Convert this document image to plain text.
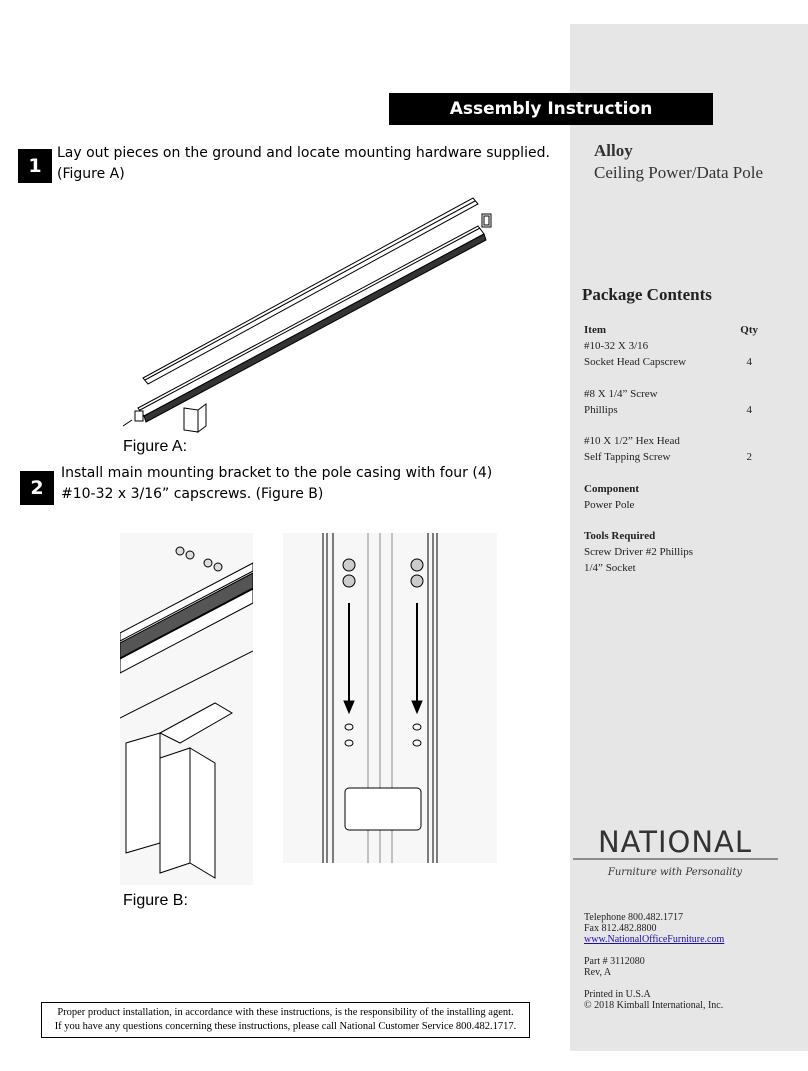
Assembly Instruction
1
Lay out pieces on the ground and locate mounting hardware supplied.
(Figure A)
Figure A:
2
Install main mounting bracket to the pole casing with four (4)
#10-32 x 3/16” capscrews. (Figure B)
Figure B:
Alloy
Ceiling Power/Data Pole
Package Contents
Item	Qty
#10-32 X 3/16
Socket Head Capscrew	4
#8 X 1/4” Screw
Phillips	4
#10 X 1/2” Hex Head
Self Tapping Screw	2
Component
Power Pole
Tools Required
Screw Driver #2 Phillips
1/4” Socket
NATIONAL
Furniture with Personality
Telephone 800.482.1717
Fax 812.482.8800
www.NationalOfficeFurniture.com
Part # 3112080
Rev, A
Printed in U.S.A
© 2018 Kimball International, Inc.
Proper product installation, in accordance with these instructions, is the responsibility of the installing agent.
If you have any questions concerning these instructions, please call National Customer Service 800.482.1717.
